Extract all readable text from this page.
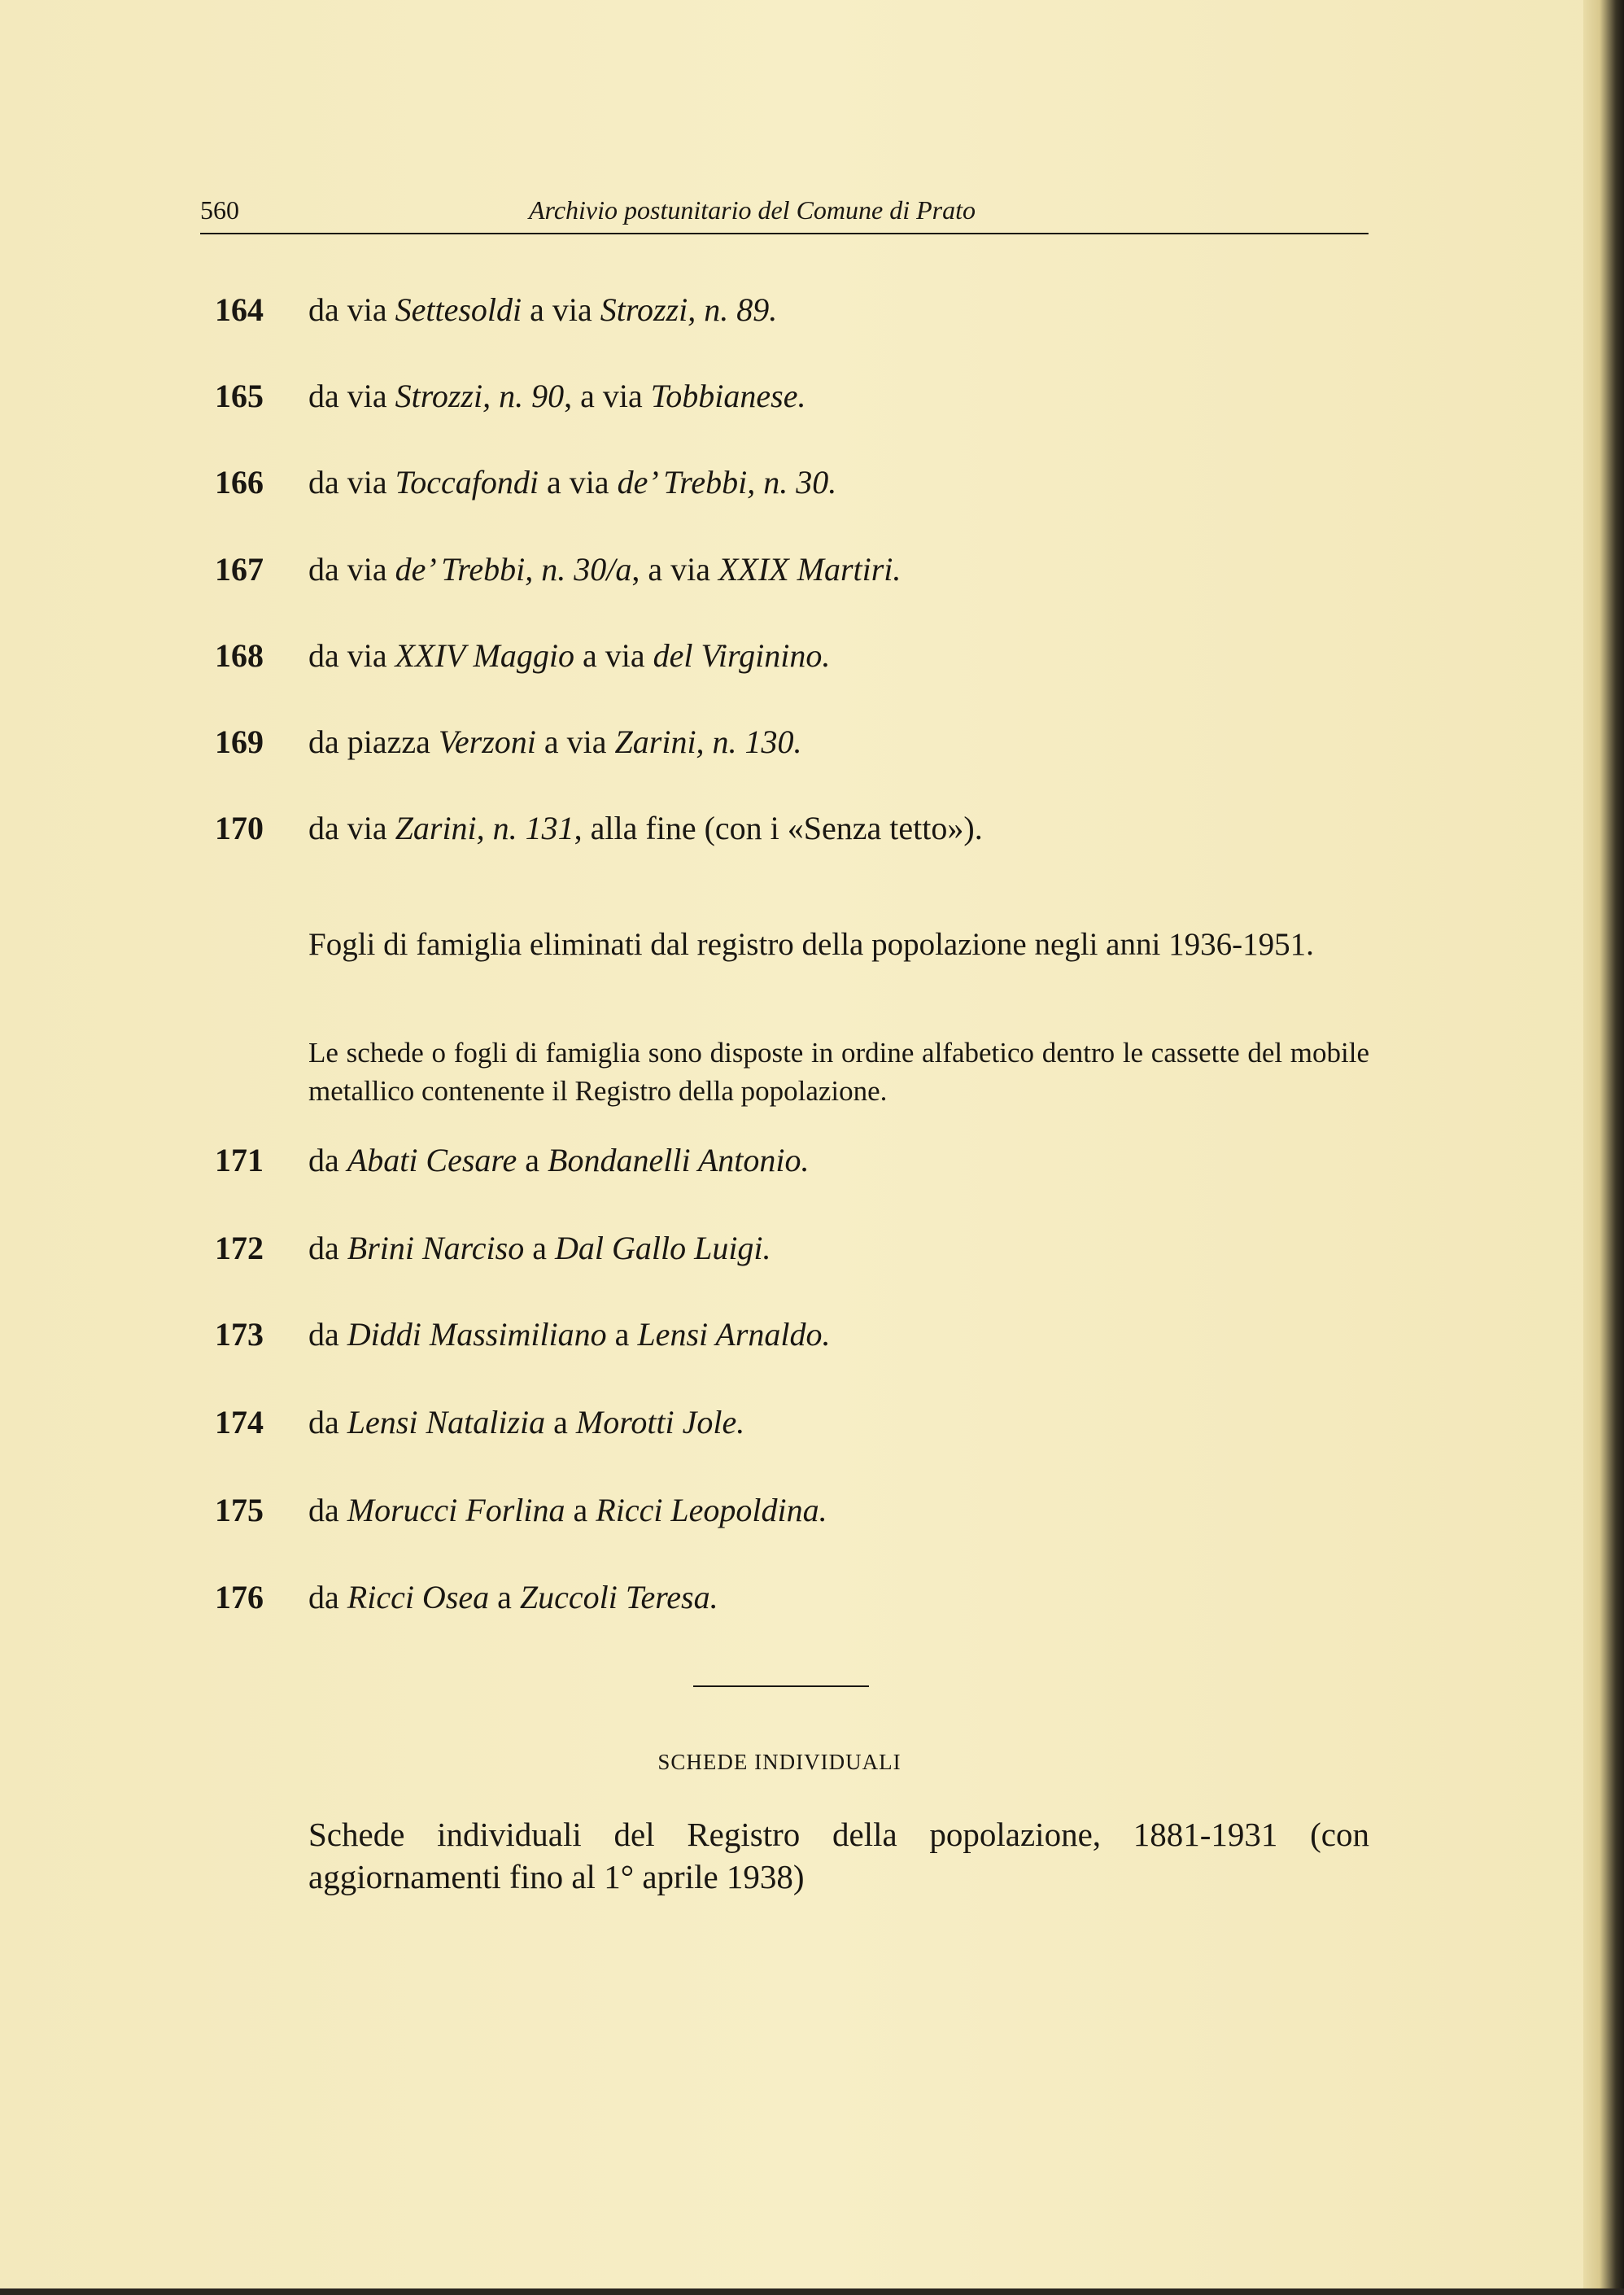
560	Archivio postunitario del Comune di Prato
164 da via Settesoldi a via Strozzi, n. 89.
165 da via Strozzi, n. 90, a via Tobbianese.
166 da via Toccafondi a via de’ Trebbi, n. 30.
167 da via de’ Trebbi, n. 30/a, a via XXIX Martiri.
168 da via XXIV Maggio a via del Virginino.
169 da piazza Verzoni a via Zarini, n. 130.
170 da via Zarini, n. 131, alla fine (con i «Senza tetto»).
Fogli di famiglia eliminati dal registro della popolazione negli anni 1936-1951.
Le schede o fogli di famiglia sono disposte in ordine alfabetico dentro le cassette del mobile metallico contenente il Registro della popolazione.
171 da Abati Cesare a Bondanelli Antonio.
172 da Brini Narciso a Dal Gallo Luigi.
173 da Diddi Massimiliano a Lensi Arnaldo.
174 da Lensi Natalizia a Morotti Jole.
175 da Morucci Forlina a Ricci Leopoldina.
176 da Ricci Osea a Zuccoli Teresa.
SCHEDE INDIVIDUALI
Schede individuali del Registro della popolazione, 1881-1931 (con aggiornamenti fino al 1° aprile 1938)
